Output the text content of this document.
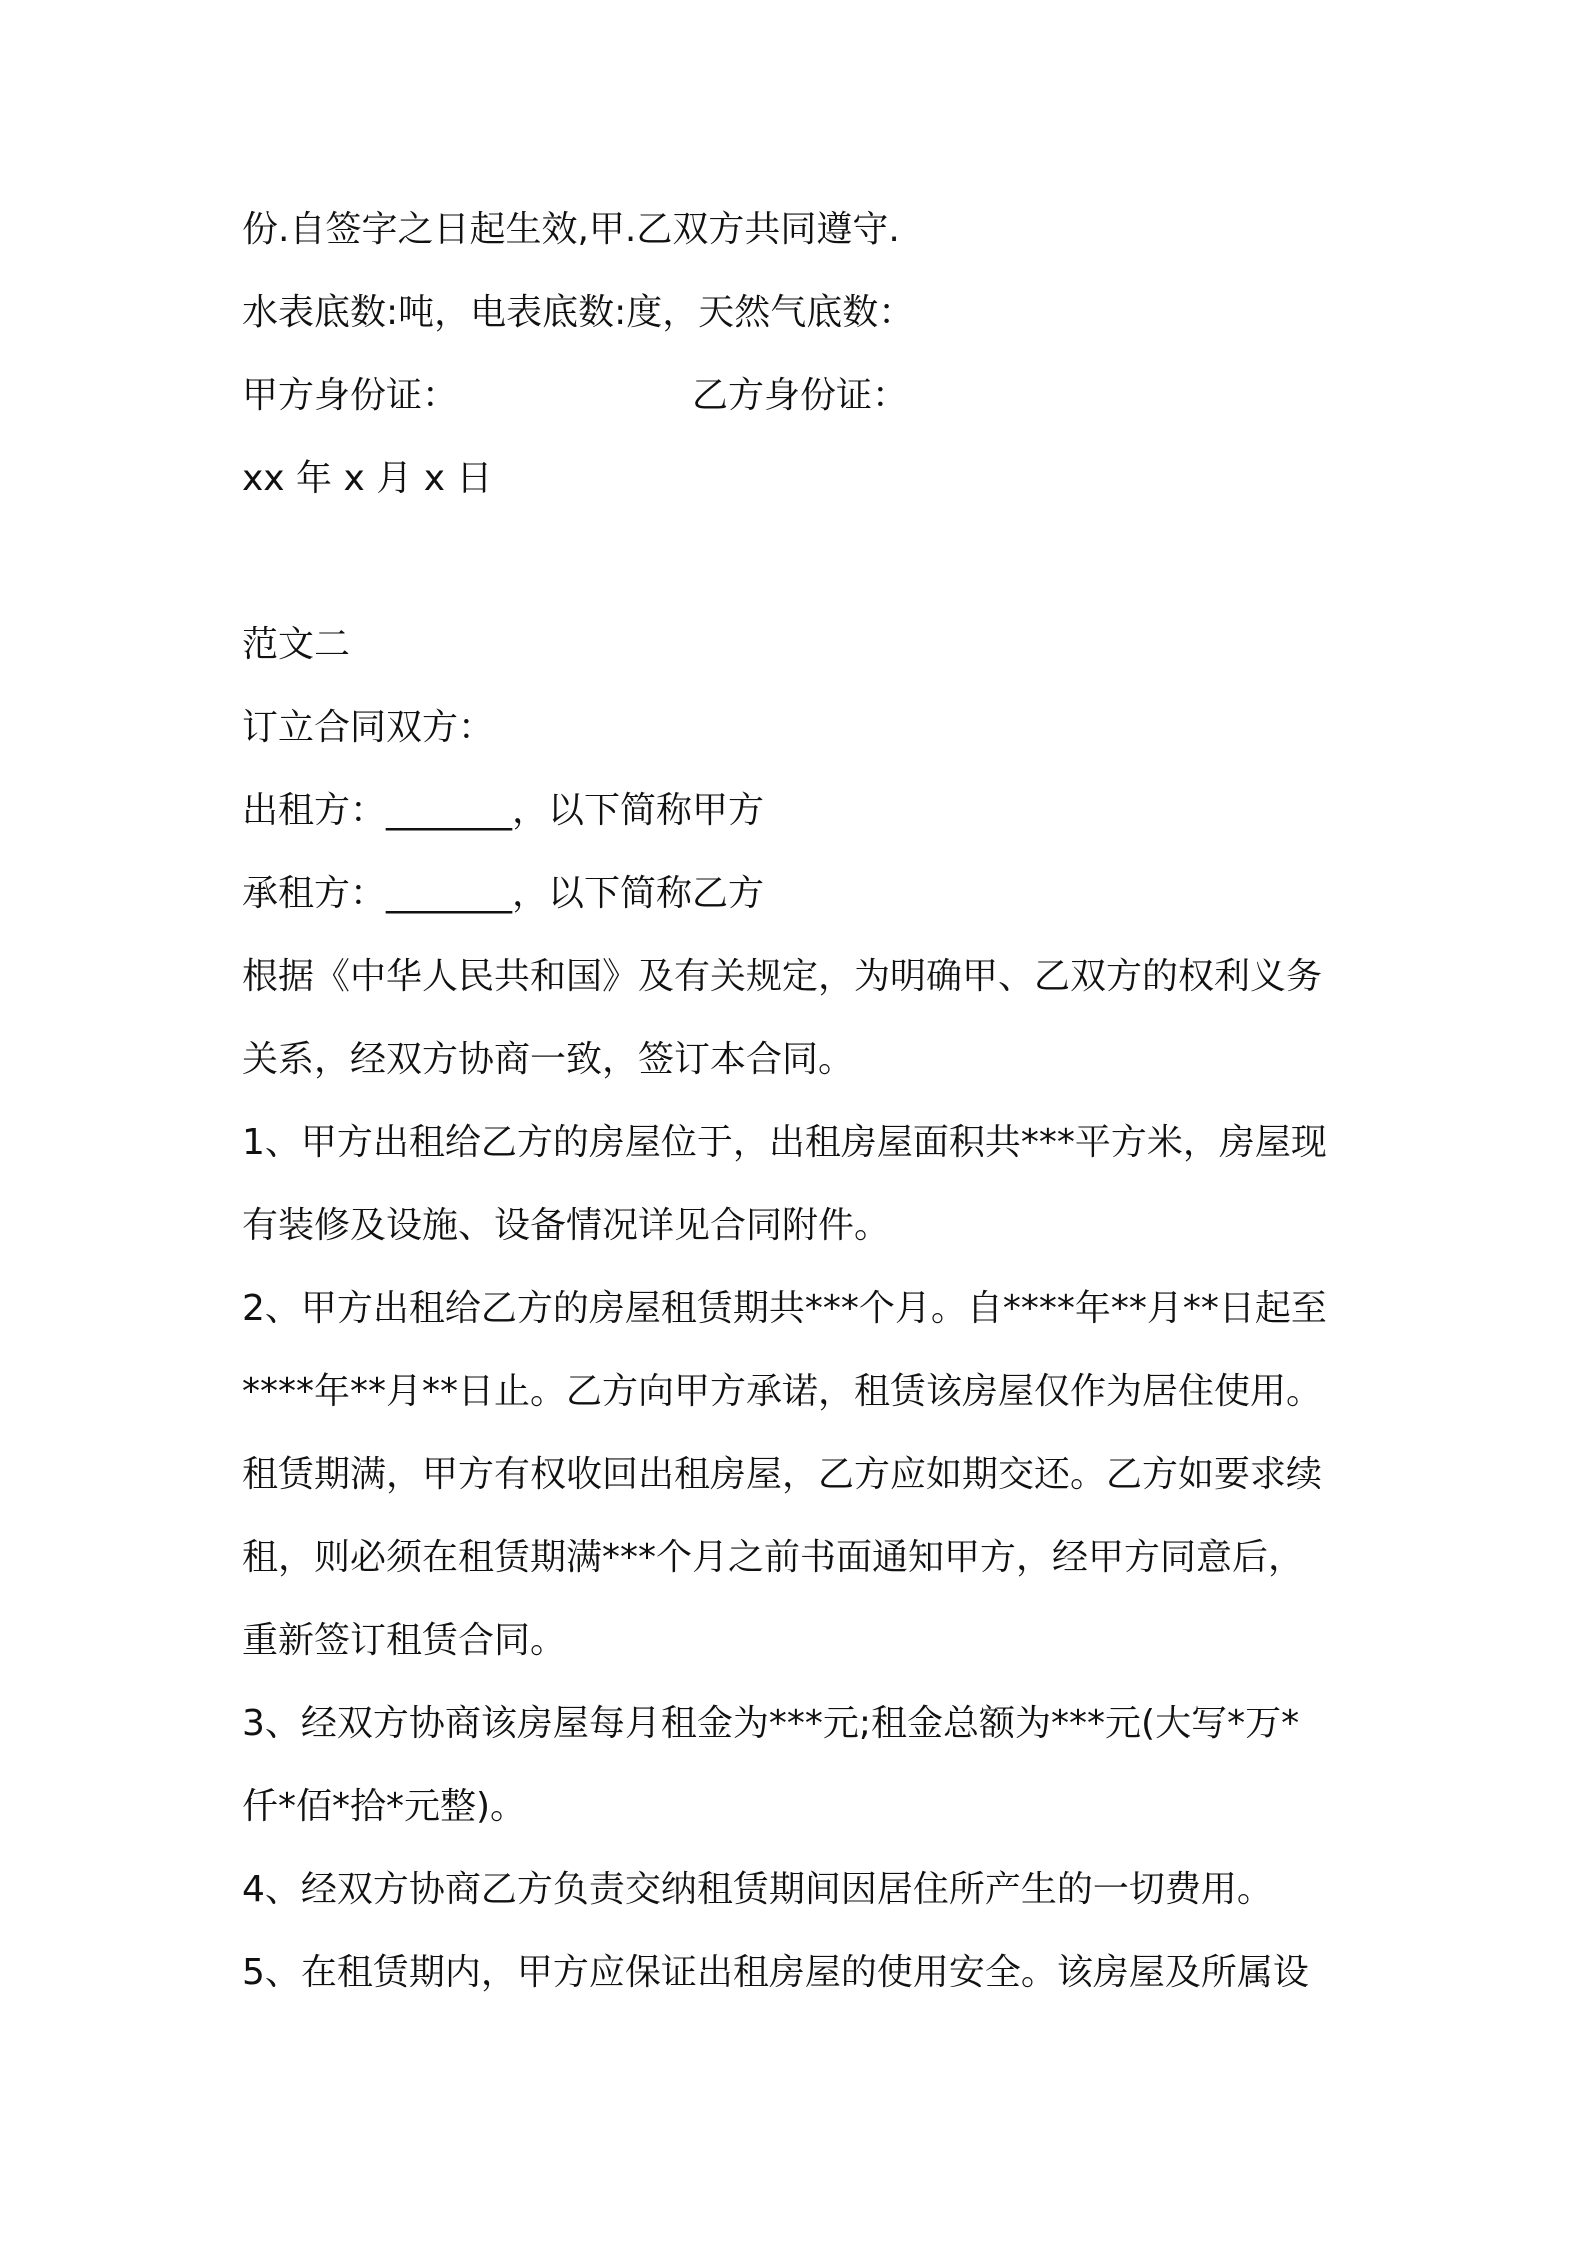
份.自签字之日起生效,甲.乙双方共同遵守.
水表底数:吨，电表底数:度，天然气底数：
甲方身份证：	乙方身份证：
xx 年 x 月 x 日
范文二
订立合同双方：
出租方：_______，以下简称甲方
承租方：_______，以下简称乙方
根据《中华人民共和国》及有关规定，为明确甲、乙双方的权利义务
关系，经双方协商一致，签订本合同。
1、甲方出租给乙方的房屋位于，出租房屋面积共***平方米，房屋现
有装修及设施、设备情况详见合同附件。
2、甲方出租给乙方的房屋租赁期共***个月。自****年**月**日起至
****年**月**日止。乙方向甲方承诺，租赁该房屋仅作为居住使用。
租赁期满，甲方有权收回出租房屋，乙方应如期交还。乙方如要求续
租，则必须在租赁期满***个月之前书面通知甲方，经甲方同意后，
重新签订租赁合同。
3、经双方协商该房屋每月租金为***元;租金总额为***元(大写*万*
仟*佰*拾*元整)。
4、经双方协商乙方负责交纳租赁期间因居住所产生的一切费用。
5、在租赁期内，甲方应保证出租房屋的使用安全。该房屋及所属设
